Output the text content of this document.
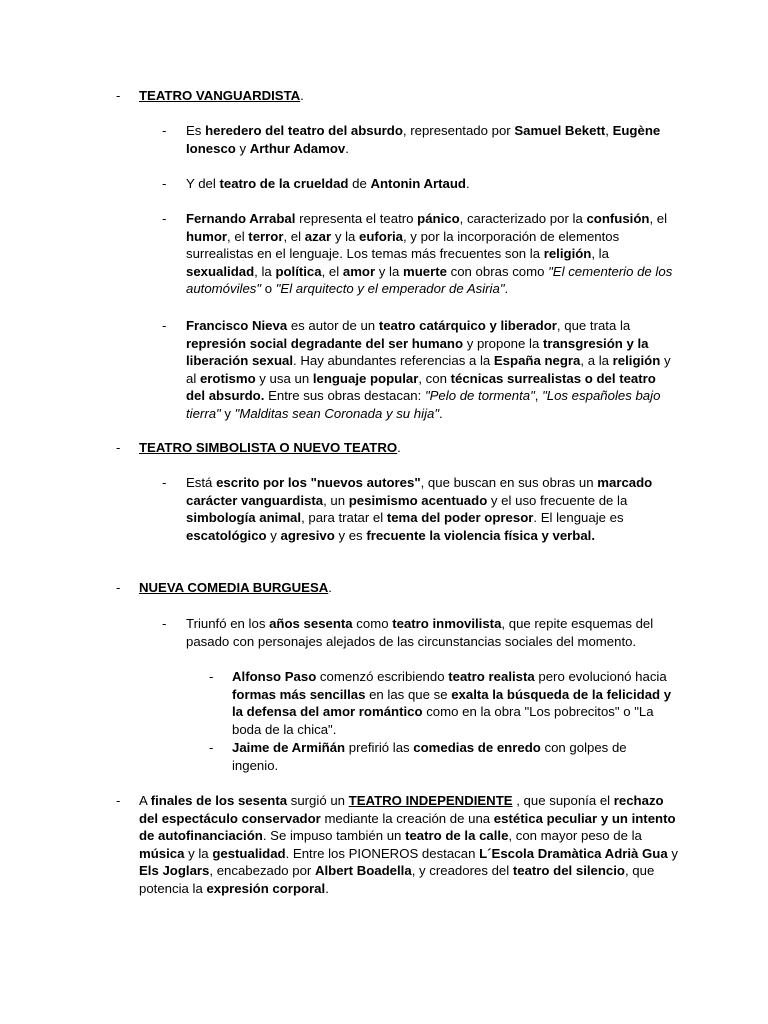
- TEATRO VANGUARDISTA.

- Es heredero del teatro del absurdo, representado por Samuel Bekett, Eugène Ionesco y Arthur Adamov.

- Y del teatro de la crueldad de Antonin Artaud.

- Fernando Arrabal representa el teatro pánico, caracterizado por la confusión, el humor, el terror, el azar y la euforia, y por la incorporación de elementos surrealistas en el lenguaje. Los temas más frecuentes son la religión, la sexualidad, la política, el amor y la muerte con obras como "El cementerio de los automóviles" o "El arquitecto y el emperador de Asiria".

- Francisco Nieva es autor de un teatro catárquico y liberador, que trata la represión social degradante del ser humano y propone la transgresión y la liberación sexual. Hay abundantes referencias a la España negra, a la religión y al erotismo y usa un lenguaje popular, con técnicas surrealistas o del teatro del absurdo. Entre sus obras destacan: "Pelo de tormenta", "Los españoles bajo tierra" y "Malditas sean Coronada y su hija".

- TEATRO SIMBOLISTA O NUEVO TEATRO.

- Está escrito por los "nuevos autores", que buscan en sus obras un marcado carácter vanguardista, un pesimismo acentuado y el uso frecuente de la simbología animal, para tratar el tema del poder opresor. El lenguaje es escatológico y agresivo y es frecuente la violencia física y verbal.

- NUEVA COMEDIA BURGUESA.

- Triunfó en los años sesenta como teatro inmovilista, que repite esquemas del pasado con personajes alejados de las circunstancias sociales del momento.

- Alfonso Paso comenzó escribiendo teatro realista pero evolucionó hacia formas más sencillas en las que se exalta la búsqueda de la felicidad y la defensa del amor romántico como en la obra "Los pobrecitos" o "La boda de la chica".

- Jaime de Armiñán prefirió las comedias de enredo con golpes de ingenio.

- A finales de los sesenta surgió un TEATRO INDEPENDIENTE , que suponía el rechazo del espectáculo conservador mediante la creación de una estética peculiar y un intento de autofinanciación. Se impuso también un teatro de la calle, con mayor peso de la música y la gestualidad. Entre los PIONEROS destacan L´Escola Dramàtica Adrià Gua y Els Joglars, encabezado por Albert Boadella, y creadores del teatro del silencio, que potencia la expresión corporal.
